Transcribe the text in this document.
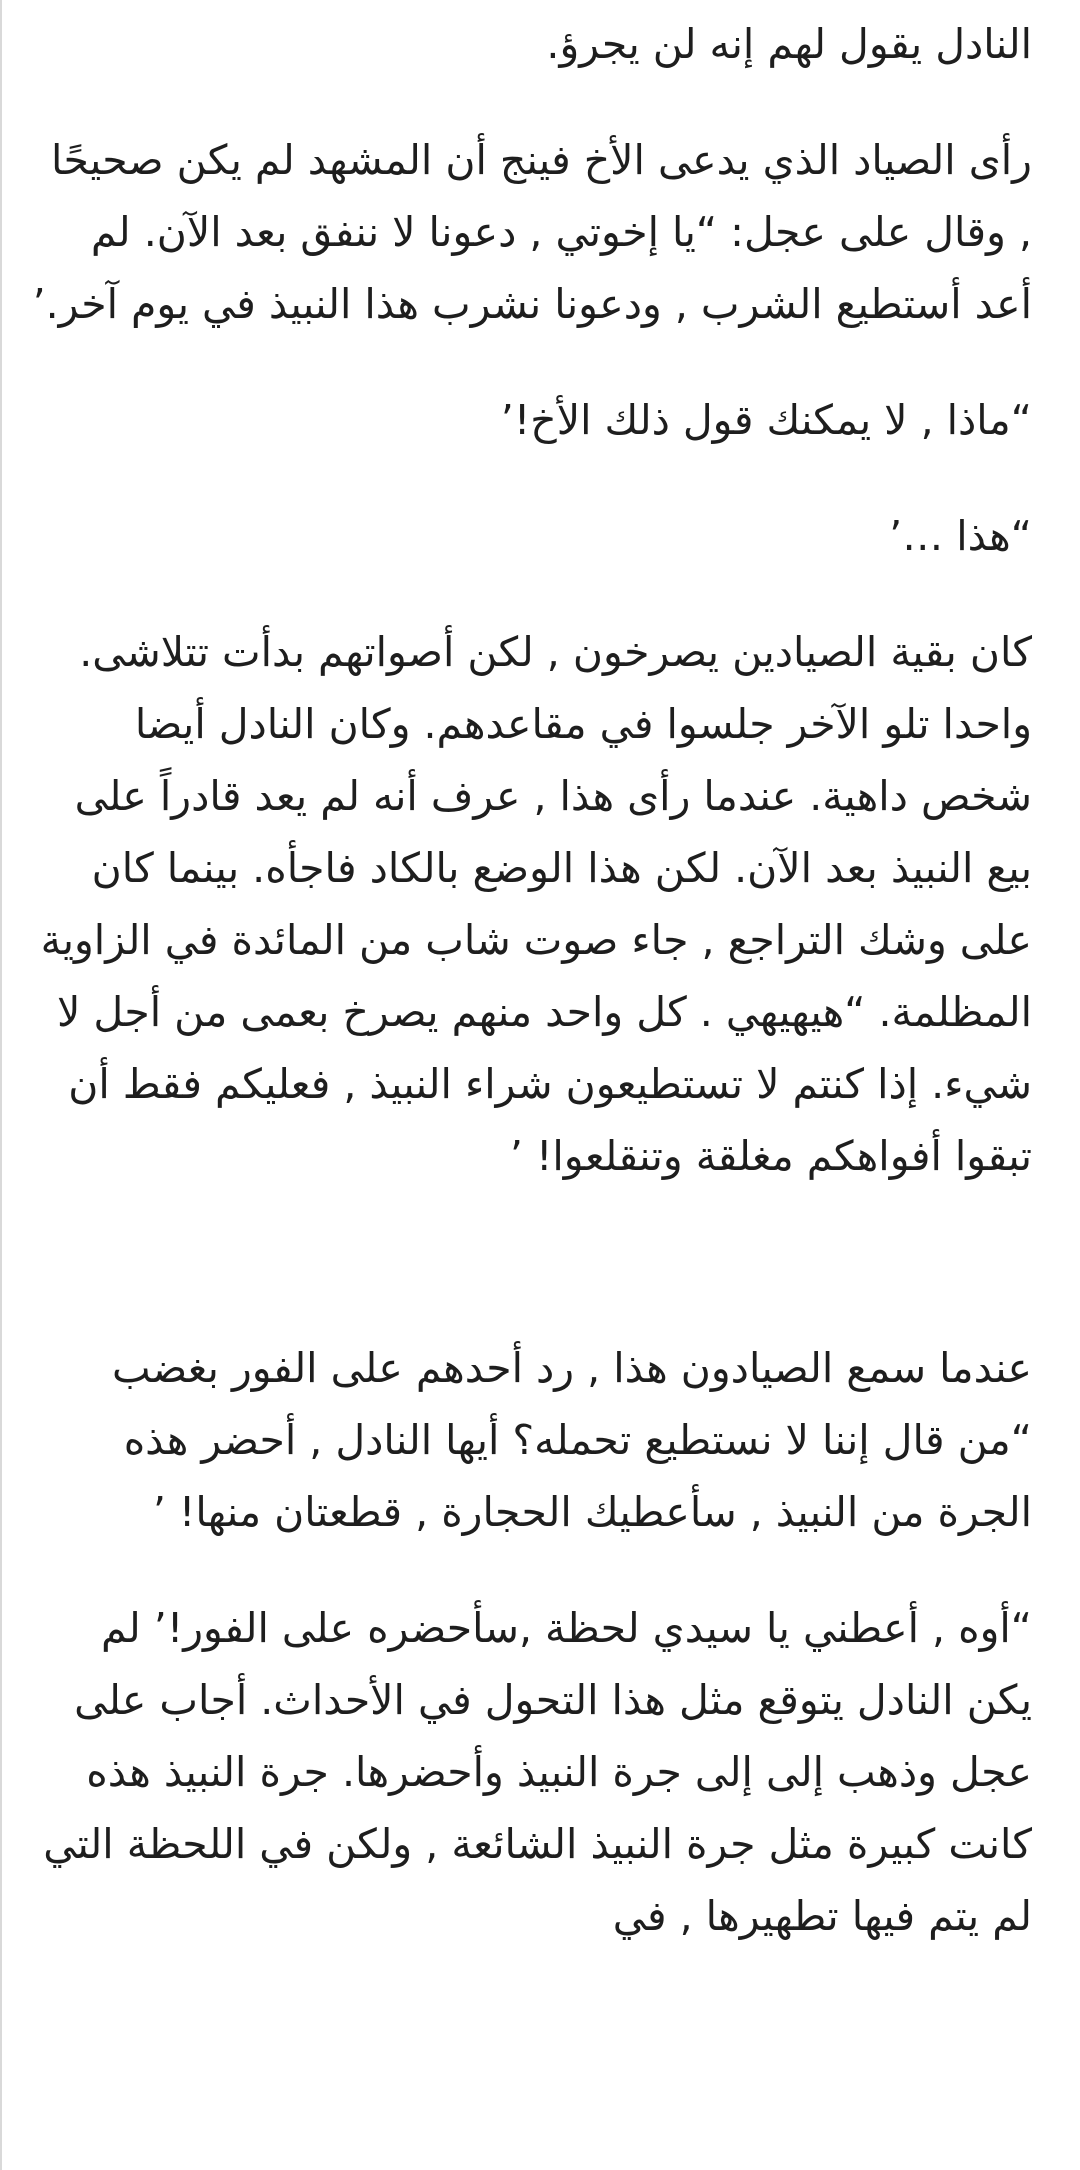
النادل يقول لهم إنه لن يجرؤ.

رأى الصياد الذي يدعى الأخ فينج أن المشهد لم يكن صحيحًا , وقال على عجل: “يا إخوتي , دعونا لا ننفق بعد الآن. لم أعد أستطيع الشرب , ودعونا نشرب هذا النبيذ في يوم آخر.’

“ماذا , لا يمكنك قول ذلك الأخ!’

“هذا …’

كان بقية الصيادين يصرخون , لكن أصواتهم بدأت تتلاشى. واحدا تلو الآخر جلسوا في مقاعدهم. وكان النادل أيضا شخص داهية. عندما رأى هذا , عرف أنه لم يعد قادراً على بيع النبيذ بعد الآن. لكن هذا الوضع بالكاد فاجأه. بينما كان على وشك التراجع , جاء صوت شاب من المائدة في الزاوية المظلمة. “هيهيهي . كل واحد منهم يصرخ بعمى من أجل لا شيء. إذا كنتم لا تستطيعون شراء النبيذ , فعليكم فقط أن تبقوا أفواهكم مغلقة وتنقلعوا! ’

عندما سمع الصيادون هذا , رد أحدهم على الفور بغضب “من قال إننا لا نستطيع تحمله؟ أيها النادل , أحضر هذه الجرة من النبيذ , سأعطيك الحجارة , قطعتان منها! ’

“أوه , أعطني يا سيدي لحظة ,سأحضره على الفور!’ لم يكن النادل يتوقع مثل هذا التحول في الأحداث. أجاب على عجل وذهب إلى إلى جرة النبيذ وأحضرها. جرة النبيذ هذه كانت كبيرة مثل جرة النبيذ الشائعة , ولكن في اللحظة التي لم يتم فيها تطهيرها , في
